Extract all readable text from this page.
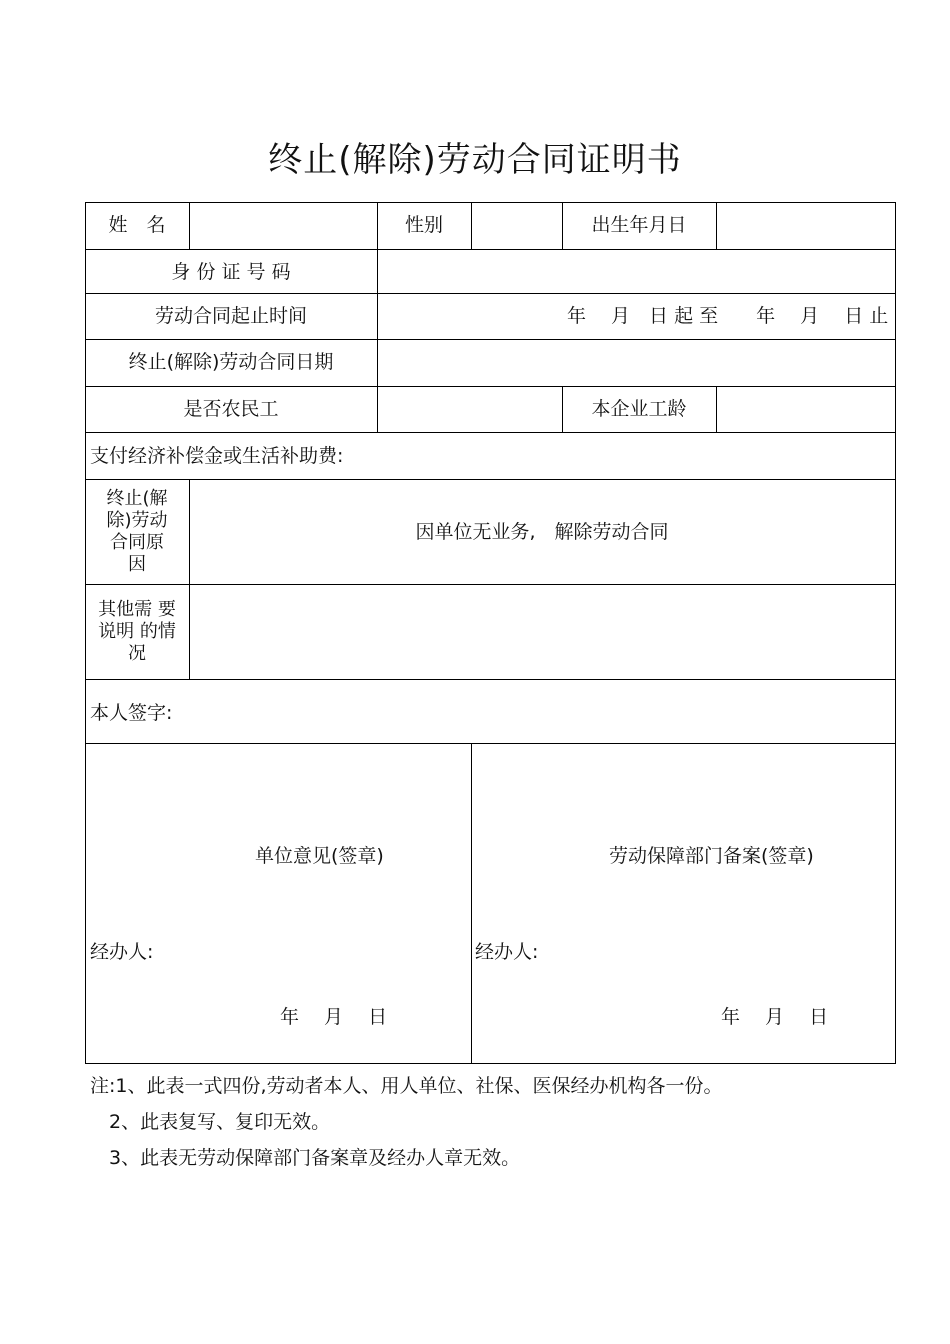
终止(解除)劳动合同证明书
姓　名	性别	出生年月日
身 份 证 号 码
劳动合同起止时间	年　 月　日 起 至　　年　 月　 日 止
终止(解除)劳动合同日期
是否农民工	本企业工龄
支付经济补偿金或生活补助费:
终止(解
除)劳动
合同原
因
因单位无业务,　解除劳动合同
其他需 要
说明 的情
况
本人签字:
单位意见(签章)
经办人:
年　 月　 日
劳动保障部门备案(签章)
经办人:
年　 月　 日
注:1、此表一式四份,劳动者本人、用人单位、社保、医保经办机构各一份。
　2、此表复写、复印无效。
　3、此表无劳动保障部门备案章及经办人章无效。
